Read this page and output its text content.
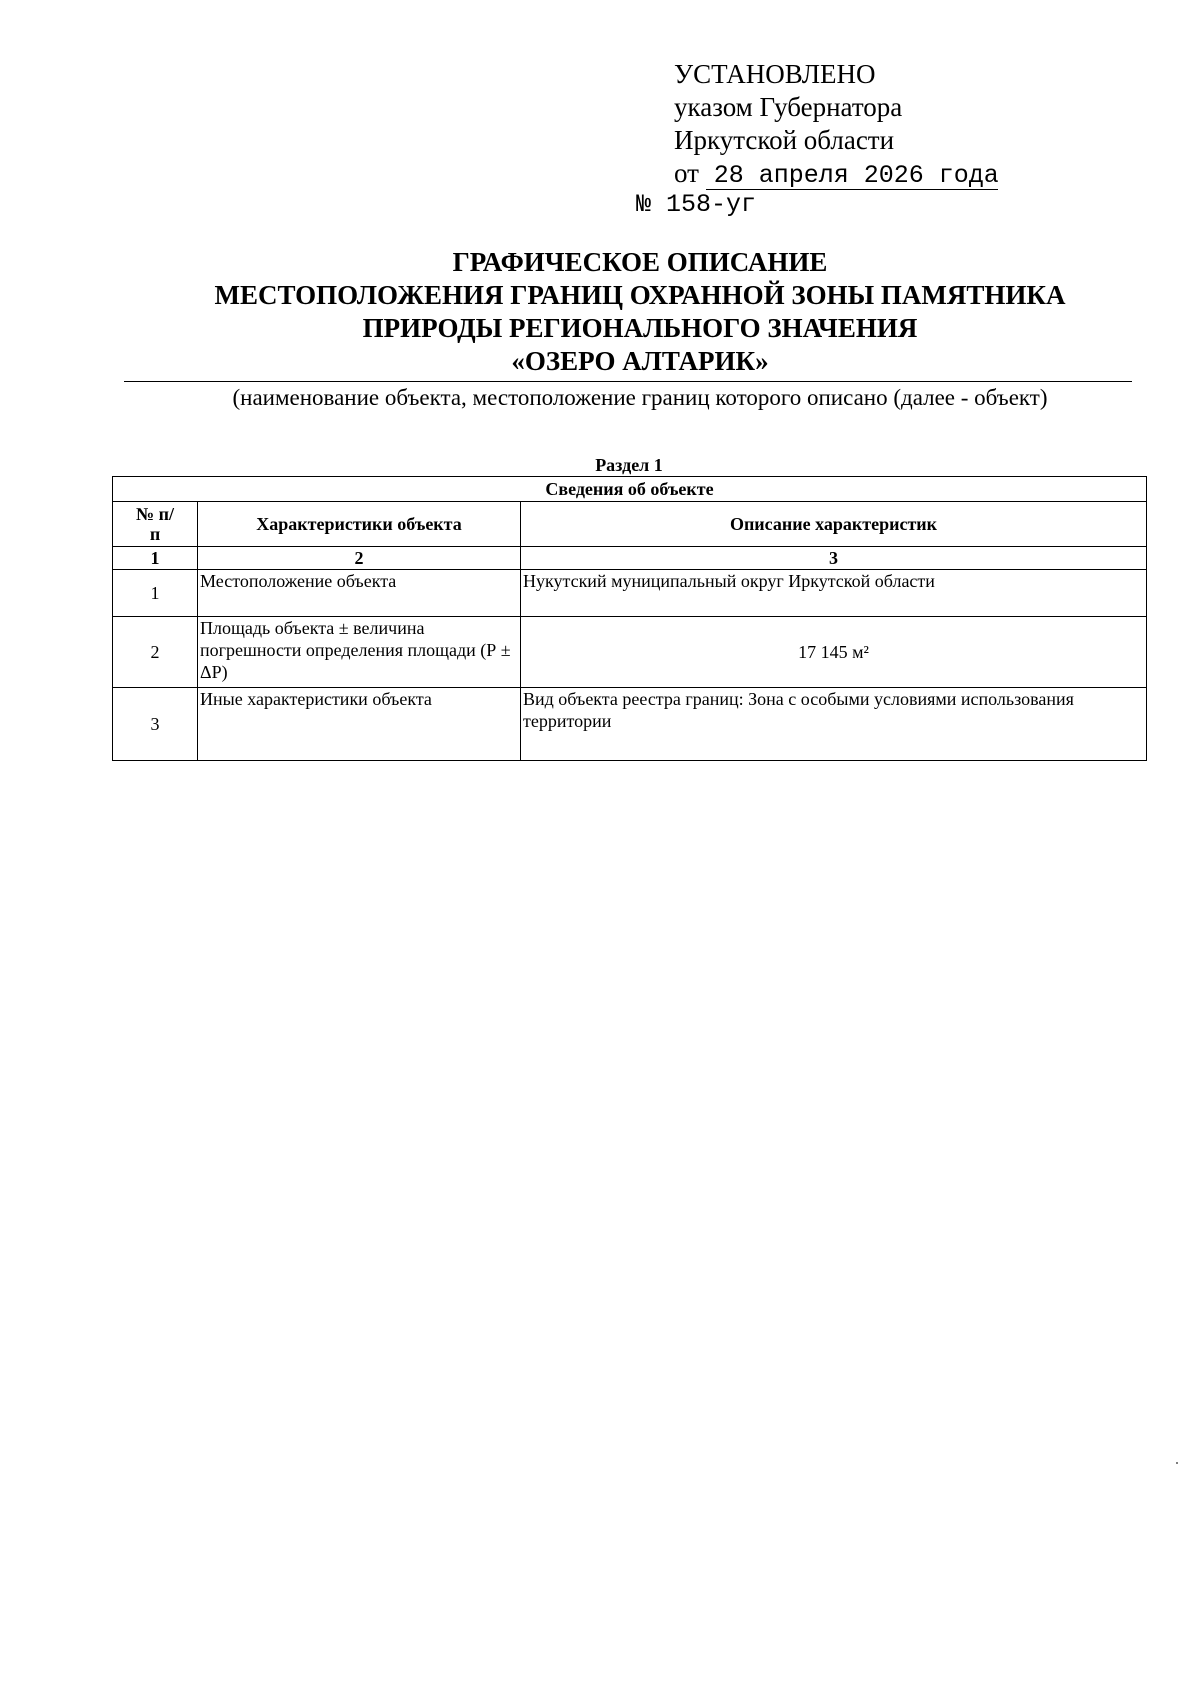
УСТАНОВЛЕНО
указом Губернатора
Иркутской области
от 28 апреля 2026 года
№ 158-уг
ГРАФИЧЕСКОЕ ОПИСАНИЕ
МЕСТОПОЛОЖЕНИЯ ГРАНИЦ ОХРАННОЙ ЗОНЫ ПАМЯТНИКА
ПРИРОДЫ РЕГИОНАЛЬНОГО ЗНАЧЕНИЯ
«ОЗЕРО АЛТАРИК»
(наименование объекта, местоположение границ которого описано (далее - объект)
Раздел 1
Сведения об объекте		
№ п/п	Характеристики объекта	Описание характеристик
1	2	3
1	Местоположение объекта	Нукутский муниципальный округ Иркутской области
2	Площадь объекта ± величина погрешности определения площади (Р ± ΔР)	17 145 м²
3	Иные характеристики объекта	Вид объекта реестра границ: Зона с особыми условиями использования территории
